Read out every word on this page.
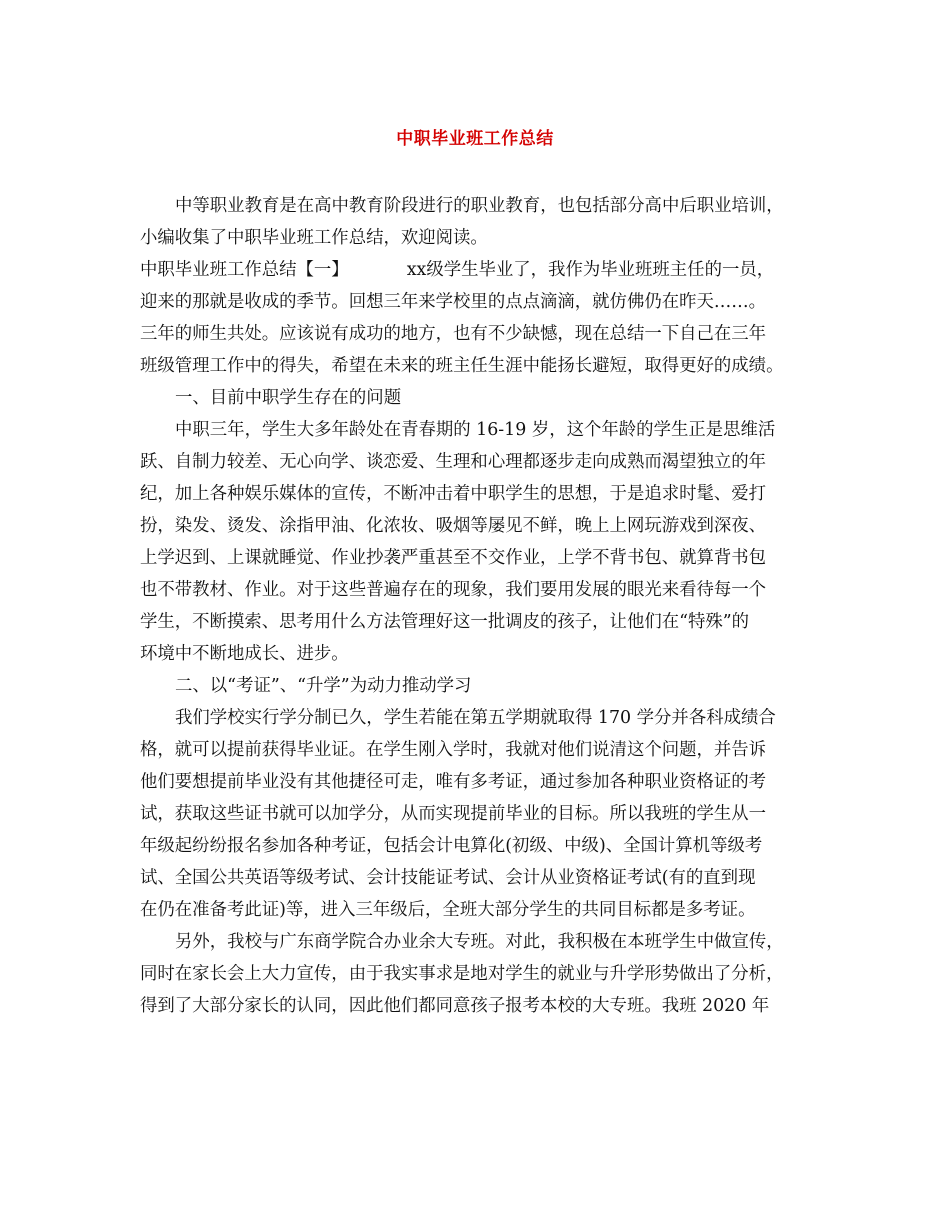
中职毕业班工作总结
中等职业教育是在高中教育阶段进行的职业教育，也包括部分高中后职业培训，
小编收集了中职毕业班工作总结，欢迎阅读。
中职毕业班工作总结【一】	xx级学生毕业了，我作为毕业班班主任的一员，
迎来的那就是收成的季节。回想三年来学校里的点点滴滴，就仿佛仍在昨天……。
三年的师生共处。应该说有成功的地方，也有不少缺憾，现在总结一下自己在三年
班级管理工作中的得失，希望在未来的班主任生涯中能扬长避短，取得更好的成绩。
一、目前中职学生存在的问题
中职三年，学生大多年龄处在青春期的 16-19 岁，这个年龄的学生正是思维活
跃、自制力较差、无心向学、谈恋爱、生理和心理都逐步走向成熟而渴望独立的年
纪，加上各种娱乐媒体的宣传，不断冲击着中职学生的思想，于是追求时髦、爱打
扮，染发、烫发、涂指甲油、化浓妆、吸烟等屡见不鲜，晚上上网玩游戏到深夜、
上学迟到、上课就睡觉、作业抄袭严重甚至不交作业，上学不背书包、就算背书包
也不带教材、作业。对于这些普遍存在的现象，我们要用发展的眼光来看待每一个
学生，不断摸索、思考用什么方法管理好这一批调皮的孩子，让他们在“特殊”的
环境中不断地成长、进步。
二、以“考证”、“升学”为动力推动学习
我们学校实行学分制已久，学生若能在第五学期就取得 170 学分并各科成绩合
格，就可以提前获得毕业证。在学生刚入学时，我就对他们说清这个问题，并告诉
他们要想提前毕业没有其他捷径可走，唯有多考证，通过参加各种职业资格证的考
试，获取这些证书就可以加学分，从而实现提前毕业的目标。所以我班的学生从一
年级起纷纷报名参加各种考证，包括会计电算化(初级、中级)、全国计算机等级考
试、全国公共英语等级考试、会计技能证考试、会计从业资格证考试(有的直到现
在仍在准备考此证)等，进入三年级后，全班大部分学生的共同目标都是多考证。
另外，我校与广东商学院合办业余大专班。对此，我积极在本班学生中做宣传，
同时在家长会上大力宣传，由于我实事求是地对学生的就业与升学形势做出了分析，
得到了大部分家长的认同，因此他们都同意孩子报考本校的大专班。我班 2020 年
